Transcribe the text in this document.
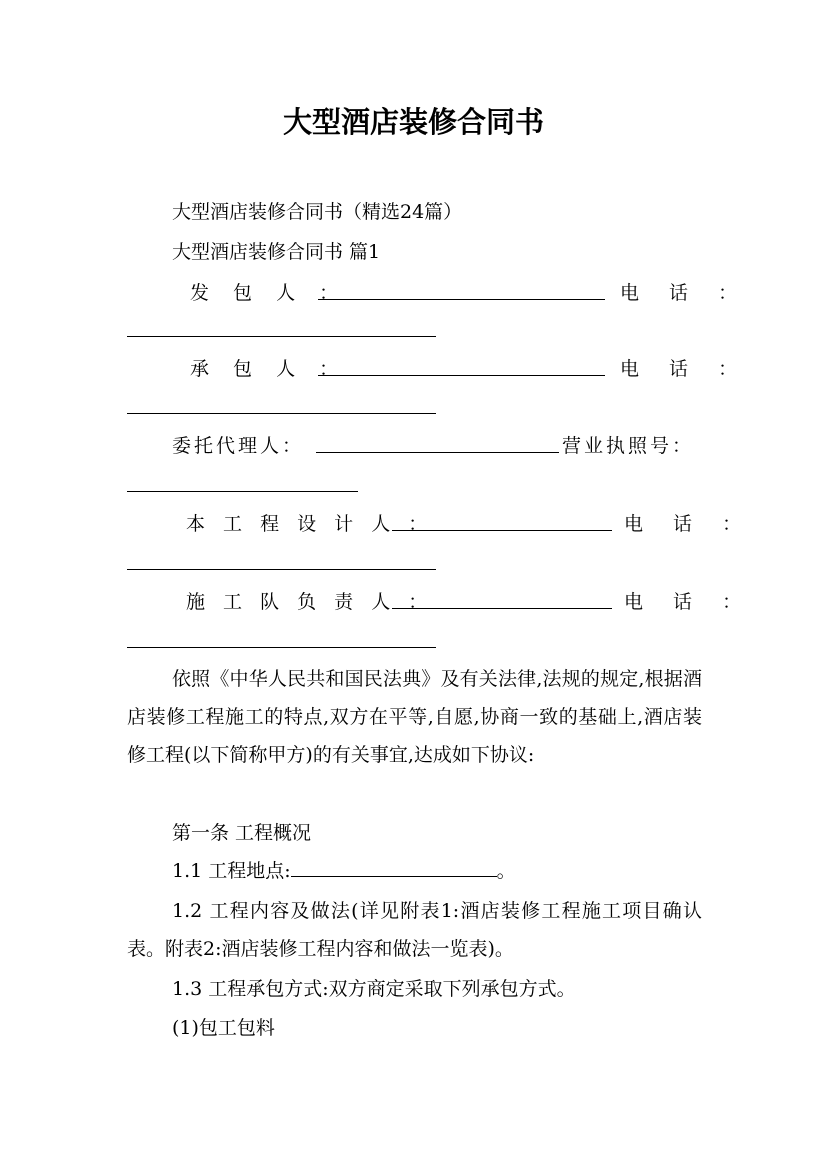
大型酒店装修合同书
大型酒店装修合同书（精选24篇）
大型酒店装修合同书 篇1
发 包 人 ：	电 话 ：
承 包 人 ：	电 话 ：
委托代理人：	营业执照号：
本 工 程 设 计 人 ：	电 话 ：
施 工 队 负 责 人 ：	电 话 ：
依照《中华人民共和国民法典》及有关法律,法规的规定,根据酒店装修工程施工的特点,双方在平等,自愿,协商一致的基础上,酒店装修工程(以下简称甲方)的有关事宜,达成如下协议:
第一条 工程概况
1.1 工程地点:	。
1.2 工程内容及做法(详见附表1:酒店装修工程施工项目确认表。附表2:酒店装修工程内容和做法一览表)。
1.3 工程承包方式:双方商定采取下列承包方式。
(1)包工包料
